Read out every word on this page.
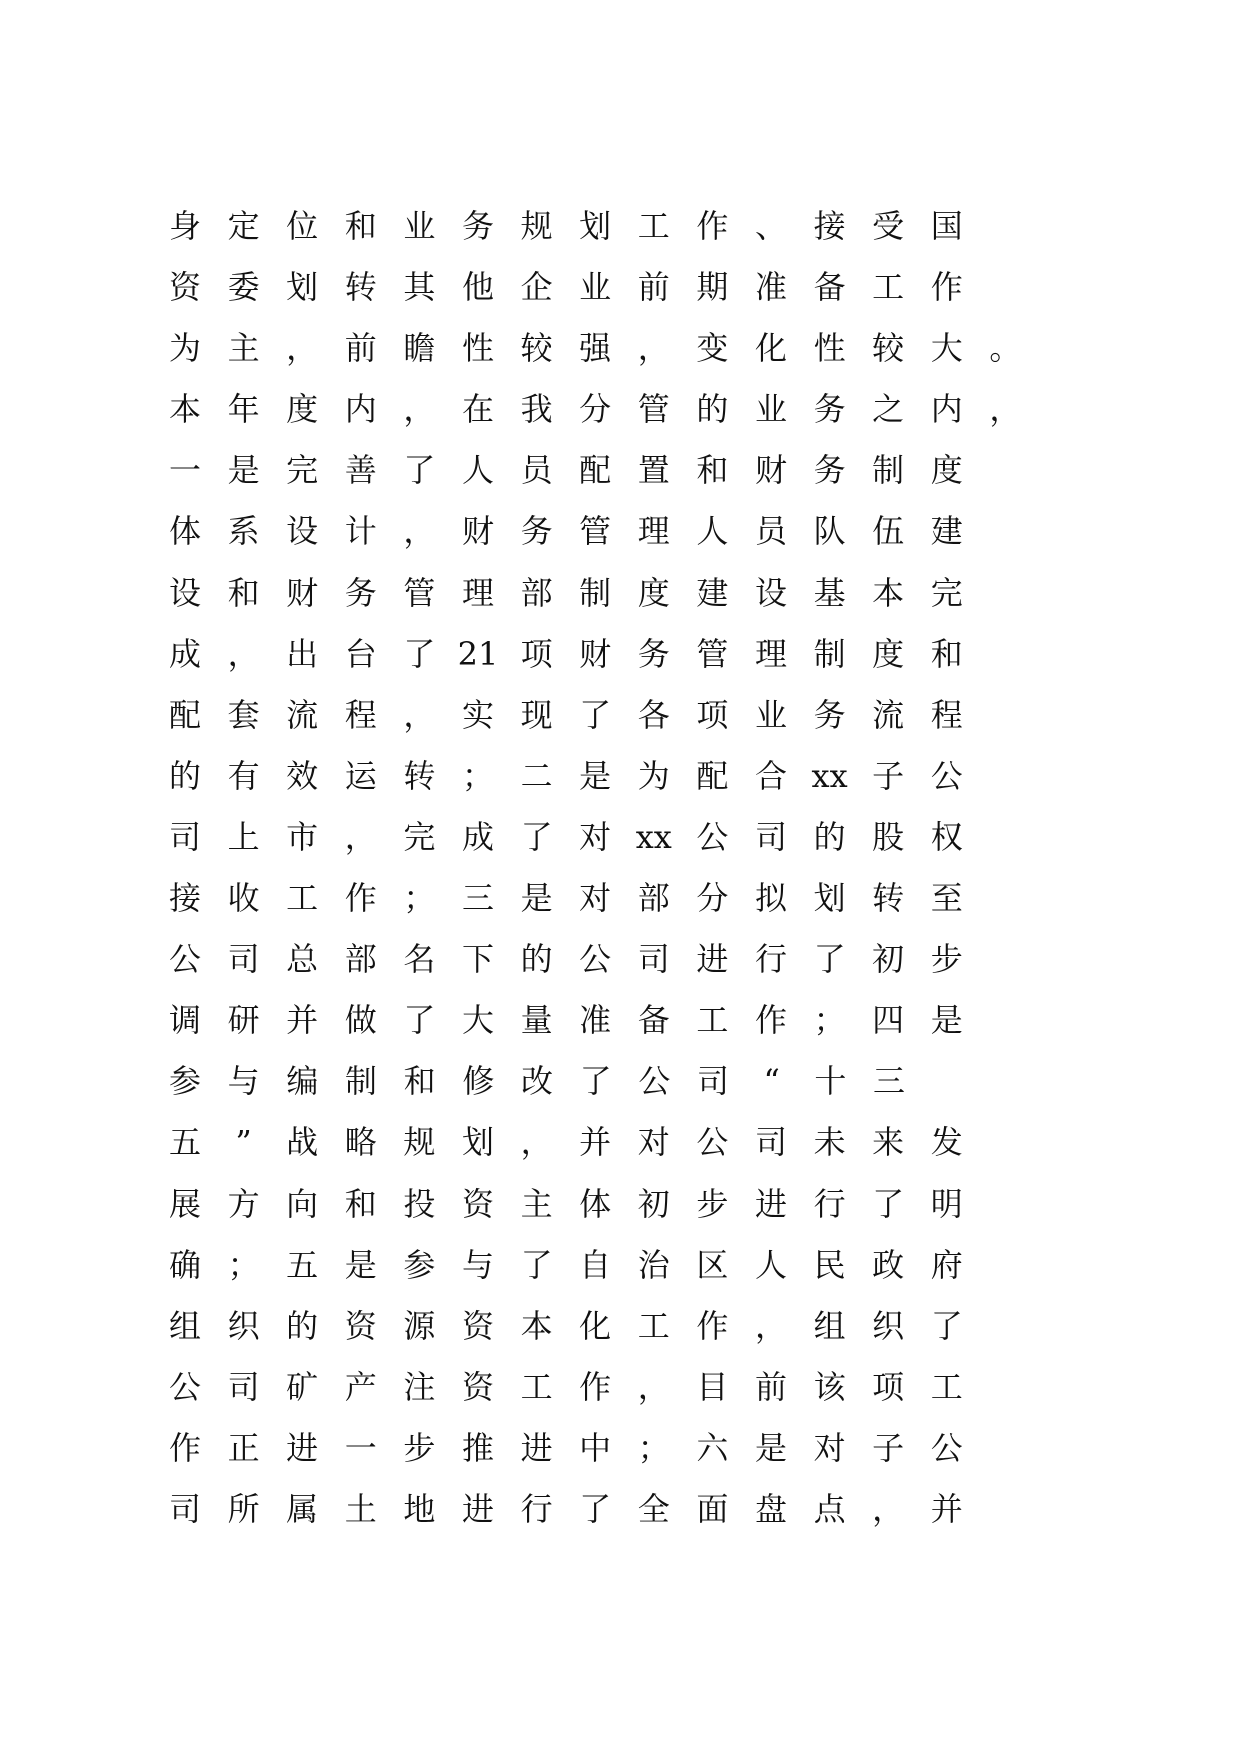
身 定 位 和 业 务 规 划 工 作 、 接 受 国
资 委 划 转 其 他 企 业 前 期 准 备 工 作
为 主 ， 前 瞻 性 较 强 ， 变 化 性 较 大 。
本 年 度 内 ， 在 我 分 管 的 业 务 之 内 ，
一 是 完 善 了 人 员 配 置 和 财 务 制 度
体 系 设 计 ， 财 务 管 理 人 员 队 伍 建
设 和 财 务 管 理 部 制 度 建 设 基 本 完
成 ， 出 台 了 21 项 财 务 管 理 制 度 和
配 套 流 程 ， 实 现 了 各 项 业 务 流 程
的 有 效 运 转 ； 二 是 为 配 合 xx 子 公
司 上 市 ， 完 成 了 对 xx 公 司 的 股 权
接 收 工 作 ； 三 是 对 部 分 拟 划 转 至
公 司 总 部 名 下 的 公 司 进 行 了 初 步
调 研 并 做 了 大 量 准 备 工 作 ； 四 是
参 与 编 制 和 修 改 了 公 司	“	十 三
五	”	战 略 规 划 ， 并 对 公 司 未 来 发
展 方 向 和 投 资 主 体 初 步 进 行 了 明
确 ； 五 是 参 与 了 自 治 区 人 民 政 府
组 织 的 资 源 资 本 化 工 作 ， 组 织 了
公 司 矿 产 注 资 工 作 ， 目 前 该 项 工
作 正 进 一 步 推 进 中 ； 六 是 对 子 公
司 所 属 土 地 进 行 了 全 面 盘 点 ， 并
